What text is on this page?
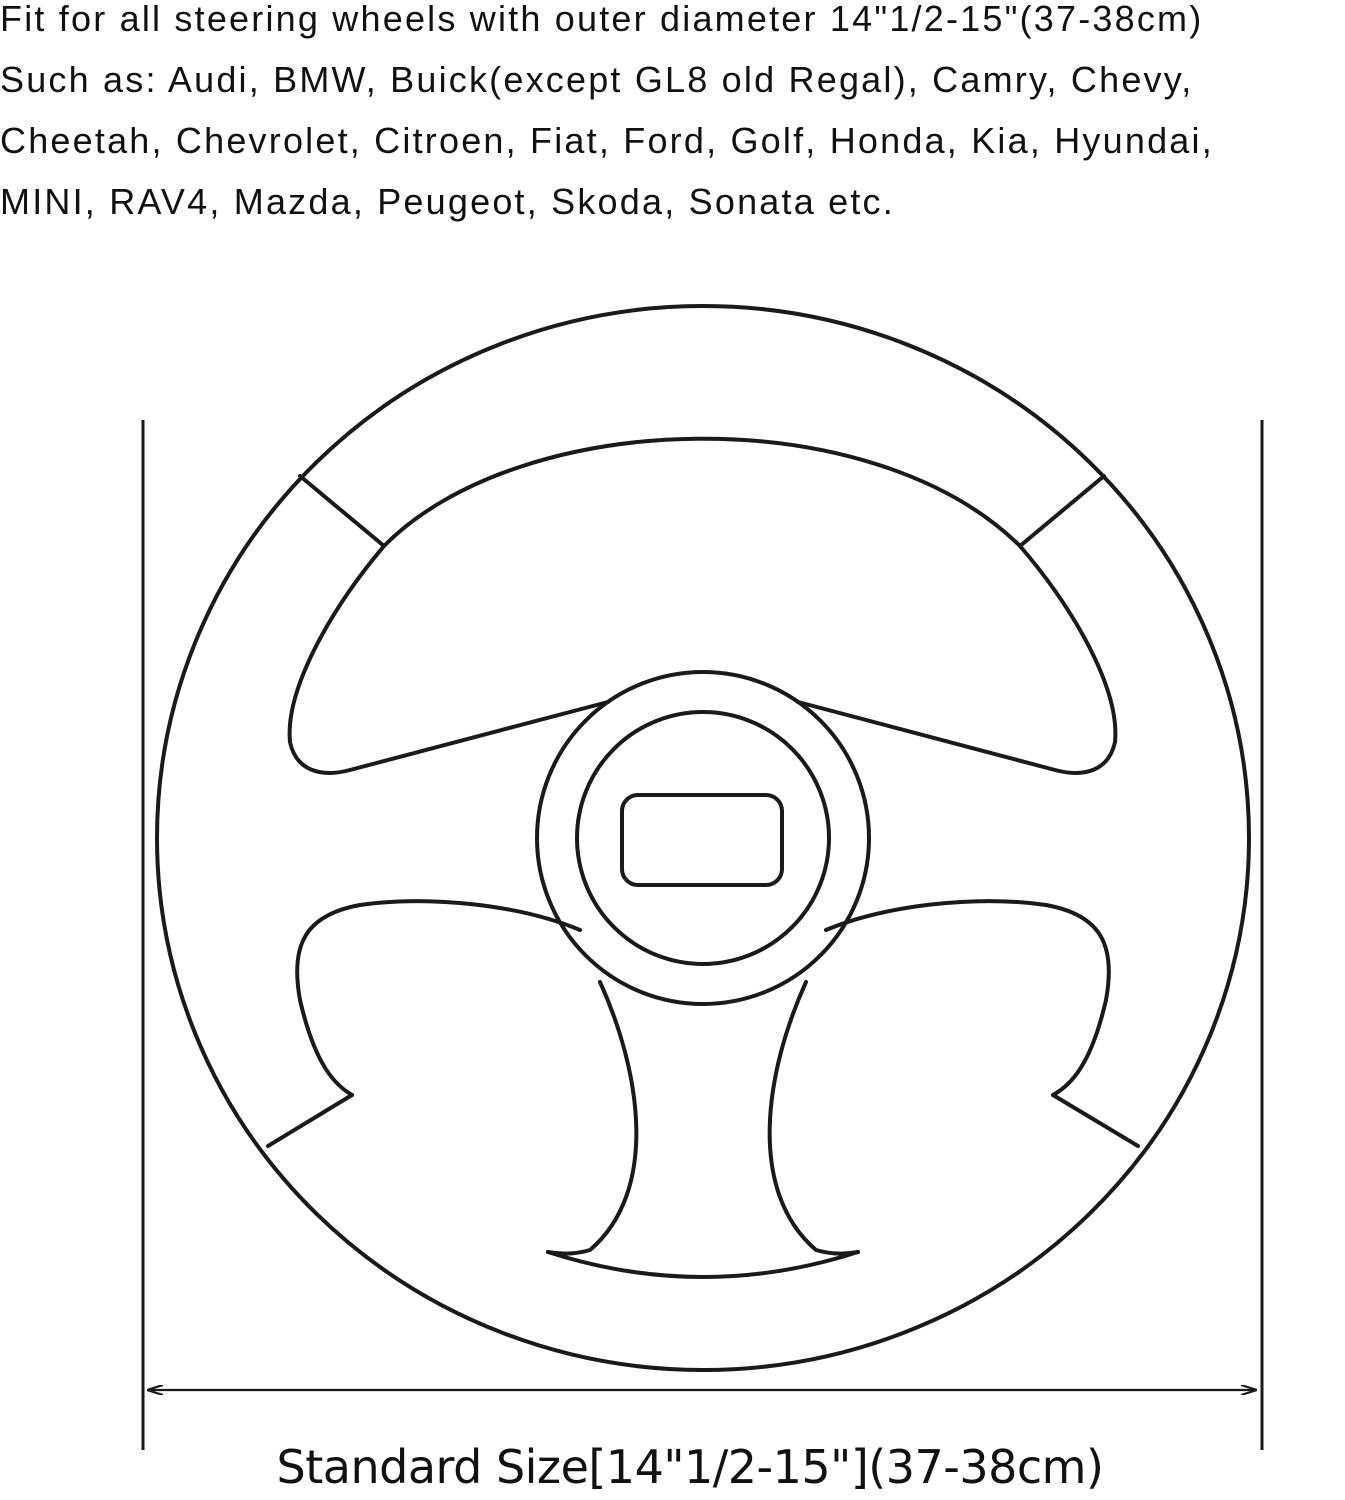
Fit for all steering wheels with outer diameter 14"1/2-15"(37-38cm)
Such as: Audi, BMW, Buick(except GL8 old Regal), Camry, Chevy,
Cheetah, Chevrolet, Citroen, Fiat, Ford, Golf, Honda, Kia, Hyundai,
MINI, RAV4, Mazda, Peugeot, Skoda, Sonata etc.
Standard Size[14"1/2-15"](37-38cm)
